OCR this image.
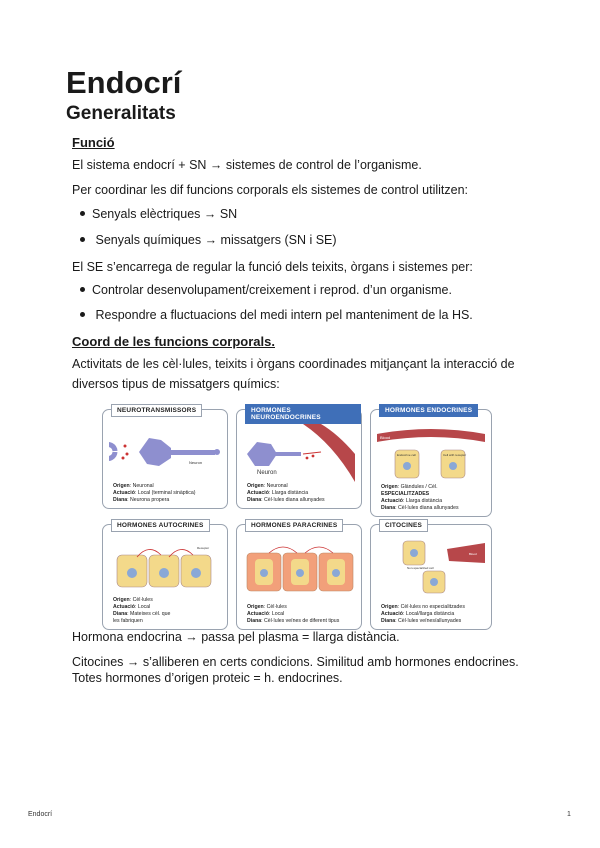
Endocrí
Generalitats
Funció
El sistema endocrí + SN → sistemes de control de l’organisme.
Per coordinar les dif funcions corporals els sistemes de control utilitzen:
Senyals elèctriques → SN
Senyals químiques → missatgers (SN i SE)
El SE s’encarrega de regular la funció dels teixits, òrgans i sistemes per:
Controlar desenvolupament/creixement i reprod. d’un organisme.
Respondre a fluctuacions del medi intern pel manteniment de la HS.
Coord de les funcions corporals.
Activitats de les cèl·lules, teixits i òrgans coordinades mitjançant la interacció de diversos tipus de missatgers químics:
NEUROTRANSMISSORS
Neuron
Origen: Neuronal
Actuació: Local (terminal sinàptica)
Diana: Neurona propera
HORMONES NEUROENDOCRINES
Neuron
Origen: Neuronal
Actuació: Llarga distància
Diana: Cèl·lules diana allunyades
HORMONES ENDOCRINES
Blood
Endocrine cell	Cell with receptor
Origen: Glàndules / Cèl.
ESPECIALITZADES
Actuació: Llarga distància
Diana: Cèl·lules diana allunyades
HORMONES AUTOCRINES
Receptor
Origen: Cèl·lules
Actuació: Local
Diana: Mateixes cèl. que les fabriquen
HORMONES PARACRINES
Origen: Cèl·lules
Actuació: Local
Diana: Cèl·lules veïnes de diferent tipus
CITOCINES
Blood
Non-specialized cell
Origen: Cèl·lules no especialitzades
Actuació: Local/llarga distància
Diana: Cèl·lules veïnes/allunyades
Hormona endocrina → passa pel plasma = llarga distància.
Citocines → s’alliberen en certs condicions. Similitud amb hormones endocrines.
Totes hormones d’origen proteic = h. endocrines.
Endocrí	1
